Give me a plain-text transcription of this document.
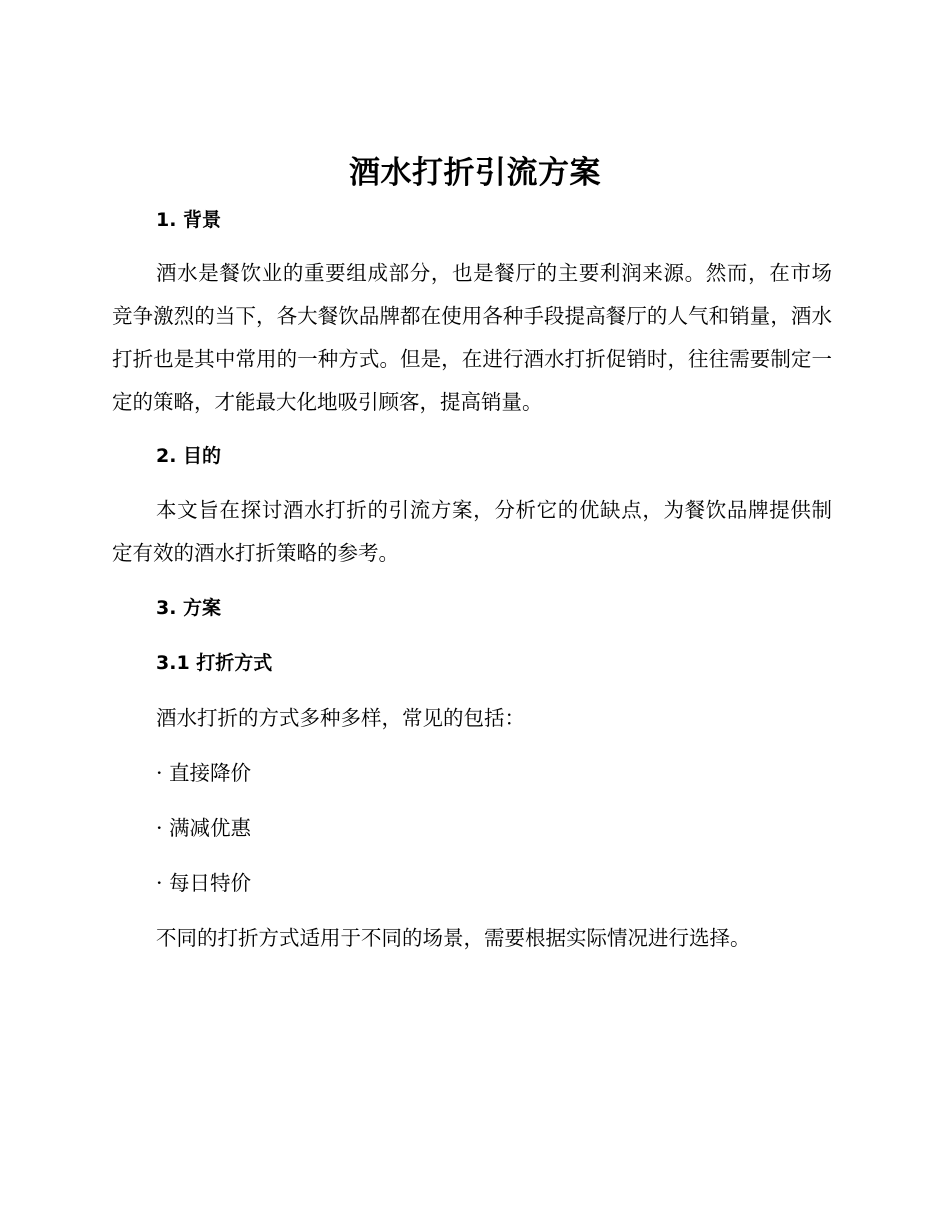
酒水打折引流方案
1. 背景
酒水是餐饮业的重要组成部分，也是餐厅的主要利润来源。然而，在市场竞争激烈的当下，各大餐饮品牌都在使用各种手段提高餐厅的人气和销量，酒水打折也是其中常用的一种方式。但是，在进行酒水打折促销时，往往需要制定一定的策略，才能最大化地吸引顾客，提高销量。
2. 目的
本文旨在探讨酒水打折的引流方案，分析它的优缺点，为餐饮品牌提供制定有效的酒水打折策略的参考。
3. 方案
3.1 打折方式
酒水打折的方式多种多样，常见的包括：
· 直接降价
· 满减优惠
· 每日特价
不同的打折方式适用于不同的场景，需要根据实际情况进行选择。
